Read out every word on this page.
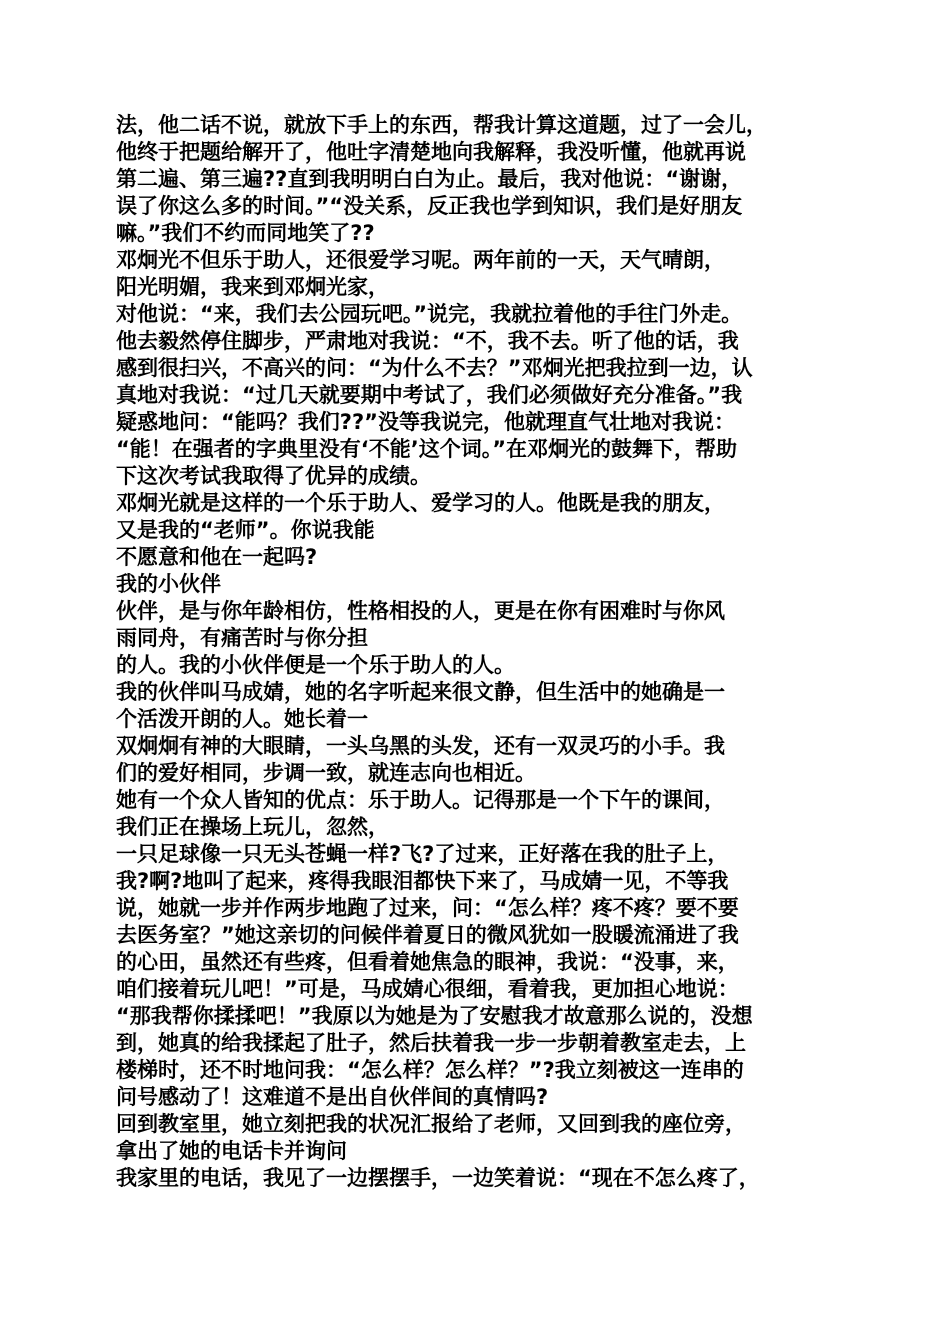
法，他二话不说，就放下手上的东西，帮我计算这道题，过了一会儿，
他终于把题给解开了，他吐字清楚地向我解释，我没听懂，他就再说
第二遍、第三遍??直到我明明白白为止。最后，我对他说：“谢谢，
误了你这么多的时间。”“没关系，反正我也学到知识，我们是好朋友
嘛。”我们不约而同地笑了??
邓炯光不但乐于助人，还很爱学习呢。两年前的一天，天气晴朗，
阳光明媚，我来到邓炯光家，
对他说：“来，我们去公园玩吧。”说完，我就拉着他的手往门外走。
他去毅然停住脚步，严肃地对我说：“不，我不去。听了他的话，我
感到很扫兴，不高兴的问：“为什么不去？”邓炯光把我拉到一边，认
真地对我说：“过几天就要期中考试了，我们必须做好充分准备。”我
疑惑地问：“能吗？我们??”没等我说完，他就理直气壮地对我说：
“能！在强者的字典里没有‘不能’这个词。”在邓炯光的鼓舞下，帮助
下这次考试我取得了优异的成绩。
邓炯光就是这样的一个乐于助人、爱学习的人。他既是我的朋友，
又是我的“老师”。你说我能
不愿意和他在一起吗?
我的小伙伴
伙伴，是与你年龄相仿，性格相投的人，更是在你有困难时与你风
雨同舟，有痛苦时与你分担
的人。我的小伙伴便是一个乐于助人的人。
我的伙伴叫马成婧，她的名字听起来很文静，但生活中的她确是一
个活泼开朗的人。她长着一
双炯炯有神的大眼睛，一头乌黑的头发，还有一双灵巧的小手。我
们的爱好相同，步调一致，就连志向也相近。
她有一个众人皆知的优点：乐于助人。记得那是一个下午的课间，
我们正在操场上玩儿，忽然，
一只足球像一只无头苍蝇一样?飞?了过来，正好落在我的肚子上，
我?啊?地叫了起来，疼得我眼泪都快下来了，马成婧一见，不等我
说，她就一步并作两步地跑了过来，问：“怎么样？疼不疼？要不要
去医务室？”她这亲切的问候伴着夏日的微风犹如一股暖流涌进了我
的心田，虽然还有些疼，但看着她焦急的眼神，我说：“没事，来，
咱们接着玩儿吧！”可是，马成婧心很细，看着我，更加担心地说：
“那我帮你揉揉吧！”我原以为她是为了安慰我才故意那么说的，没想
到，她真的给我揉起了肚子，然后扶着我一步一步朝着教室走去，上
楼梯时，还不时地问我：“怎么样？怎么样？”?我立刻被这一连串的
问号感动了！这难道不是出自伙伴间的真情吗?
回到教室里，她立刻把我的状况汇报给了老师，又回到我的座位旁，
拿出了她的电话卡并询问
我家里的电话，我见了一边摆摆手，一边笑着说：“现在不怎么疼了，
